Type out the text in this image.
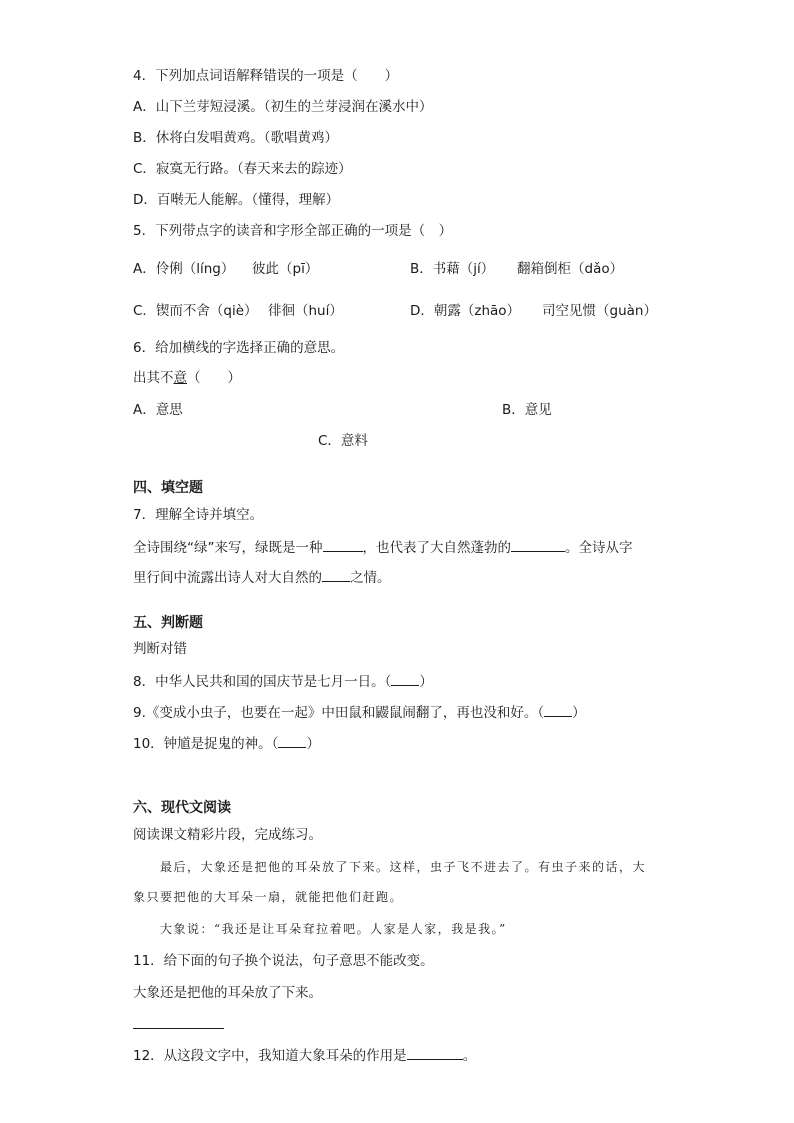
4．下列加点词语解释错误的一项是（　　）
A．山下兰芽短浸溪。（初生的兰芽浸润在溪水中）
B．休将白发唱黄鸡。（歌唱黄鸡）
C．寂寞无行路。（春天来去的踪迹）
D．百啭无人能解。（懂得，理解）
5．下列带点字的读音和字形全部正确的一项是（　）
A．伶俐（líng） 彼此（pī）	B．书藉（jí） 翻箱倒柜（dǎo）
C．锲而不舍（qiè） 徘徊（huí）	D．朝露（zhāo） 司空见惯（guàn）
6．给加横线的字选择正确的意思。
出其不意（　　）
A．意思	B．意见
C．意料
四、填空题
7．理解全诗并填空。
全诗围绕“绿”来写，绿既是一种	，也代表了大自然蓬勃的	。全诗从字
里行间中流露出诗人对大自然的 之情。
五、判断题
判断对错
8．中华人民共和国的国庆节是七月一日。（ ）
9.《变成小虫子，也要在一起》中田鼠和鼹鼠闹翻了，再也没和好。（ ）
10．钟馗是捉鬼的神。（ ）
六、现代文阅读
阅读课文精彩片段，完成练习。
最后，大象还是把他的耳朵放了下来。这样，虫子飞不进去了。有虫子来的话，大
象只要把他的大耳朵一扇，就能把他们赶跑。
大象说：“我还是让耳朵耷拉着吧。人家是人家，我是我。”
11．给下面的句子换个说法，句子意思不能改变。
大象还是把他的耳朵放了下来。
12．从这段文字中，我知道大象耳朵的作用是	。
